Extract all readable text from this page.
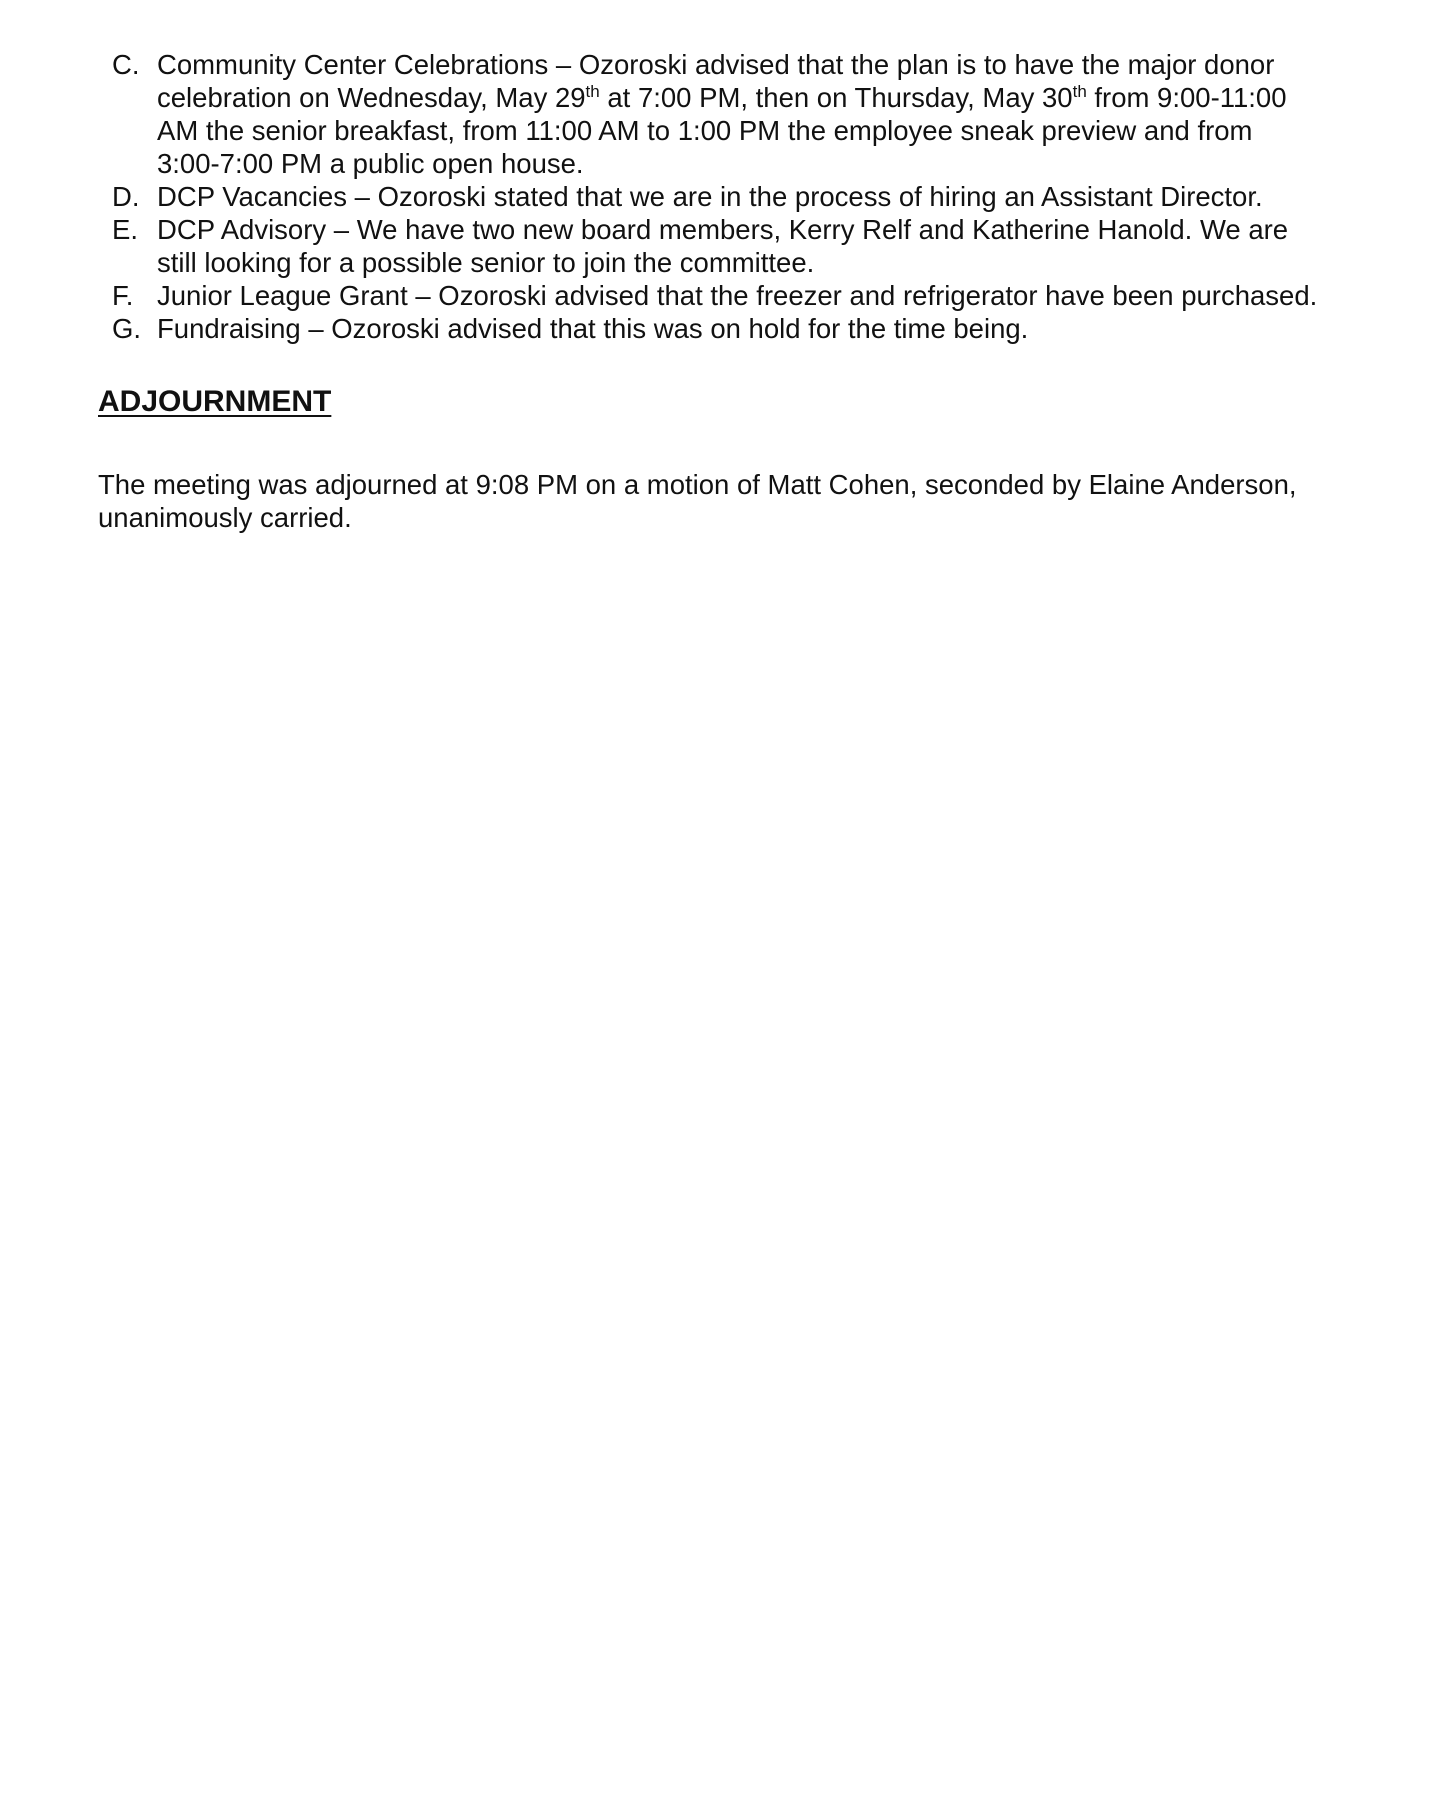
C. Community Center Celebrations – Ozoroski advised that the plan is to have the major donor
celebration on Wednesday, May 29th at 7:00 PM, then on Thursday, May 30th from 9:00-11:00
AM the senior breakfast, from 11:00 AM to 1:00 PM the employee sneak preview and from
3:00-7:00 PM a public open house.
D. DCP Vacancies – Ozoroski stated that we are in the process of hiring an Assistant Director.
E. DCP Advisory – We have two new board members, Kerry Relf and Katherine Hanold. We are
still looking for a possible senior to join the committee.
F. Junior League Grant – Ozoroski advised that the freezer and refrigerator have been purchased.
G. Fundraising – Ozoroski advised that this was on hold for the time being.
ADJOURNMENT

The meeting was adjourned at 9:08 PM on a motion of Matt Cohen, seconded by Elaine Anderson,
unanimously carried.
